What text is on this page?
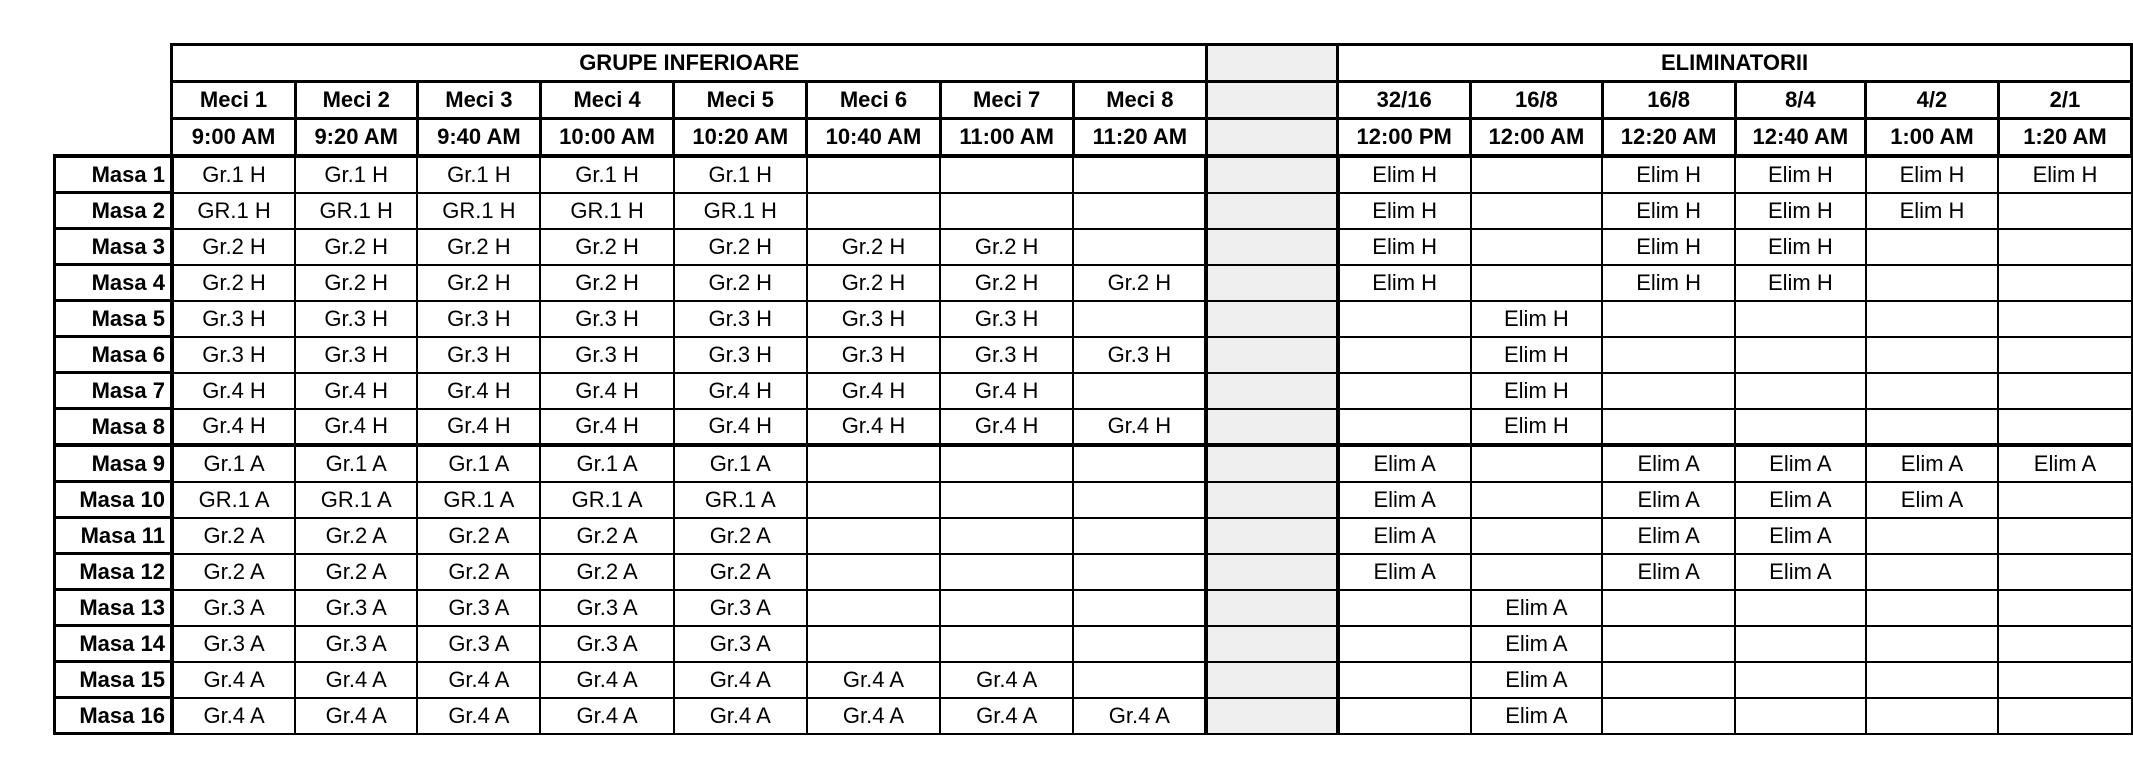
	GRUPE INFERIOARE									ELIMINATORII					
	Meci 1	Meci 2	Meci 3	Meci 4	Meci 5	Meci 6	Meci 7	Meci 8		32/16	16/8	16/8	8/4	4/2	2/1
	9:00 AM	9:20 AM	9:40 AM	10:00 AM	10:20 AM	10:40 AM	11:00 AM	11:20 AM		12:00 PM	12:00 AM	12:20 AM	12:40 AM	1:00 AM	1:20 AM
Masa 1	Gr.1 H	Gr.1 H	Gr.1 H	Gr.1 H	Gr.1 H					Elim H		Elim H	Elim H	Elim H	Elim H
Masa 2	GR.1 H	GR.1 H	GR.1 H	GR.1 H	GR.1 H					Elim H		Elim H	Elim H	Elim H	
Masa 3	Gr.2 H	Gr.2 H	Gr.2 H	Gr.2 H	Gr.2 H	Gr.2 H	Gr.2 H			Elim H		Elim H	Elim H		
Masa 4	Gr.2 H	Gr.2 H	Gr.2 H	Gr.2 H	Gr.2 H	Gr.2 H	Gr.2 H	Gr.2 H		Elim H		Elim H	Elim H		
Masa 5	Gr.3 H	Gr.3 H	Gr.3 H	Gr.3 H	Gr.3 H	Gr.3 H	Gr.3 H				Elim H				
Masa 6	Gr.3 H	Gr.3 H	Gr.3 H	Gr.3 H	Gr.3 H	Gr.3 H	Gr.3 H	Gr.3 H			Elim H				
Masa 7	Gr.4 H	Gr.4 H	Gr.4 H	Gr.4 H	Gr.4 H	Gr.4 H	Gr.4 H				Elim H				
Masa 8	Gr.4 H	Gr.4 H	Gr.4 H	Gr.4 H	Gr.4 H	Gr.4 H	Gr.4 H	Gr.4 H			Elim H				
Masa 9	Gr.1 A	Gr.1 A	Gr.1 A	Gr.1 A	Gr.1 A					Elim A		Elim A	Elim A	Elim A	Elim A
Masa 10	GR.1 A	GR.1 A	GR.1 A	GR.1 A	GR.1 A					Elim A		Elim A	Elim A	Elim A	
Masa 11	Gr.2 A	Gr.2 A	Gr.2 A	Gr.2 A	Gr.2 A					Elim A		Elim A	Elim A		
Masa 12	Gr.2 A	Gr.2 A	Gr.2 A	Gr.2 A	Gr.2 A					Elim A		Elim A	Elim A		
Masa 13	Gr.3 A	Gr.3 A	Gr.3 A	Gr.3 A	Gr.3 A						Elim A				
Masa 14	Gr.3 A	Gr.3 A	Gr.3 A	Gr.3 A	Gr.3 A						Elim A				
Masa 15	Gr.4 A	Gr.4 A	Gr.4 A	Gr.4 A	Gr.4 A	Gr.4 A	Gr.4 A				Elim A				
Masa 16	Gr.4 A	Gr.4 A	Gr.4 A	Gr.4 A	Gr.4 A	Gr.4 A	Gr.4 A	Gr.4 A			Elim A				
